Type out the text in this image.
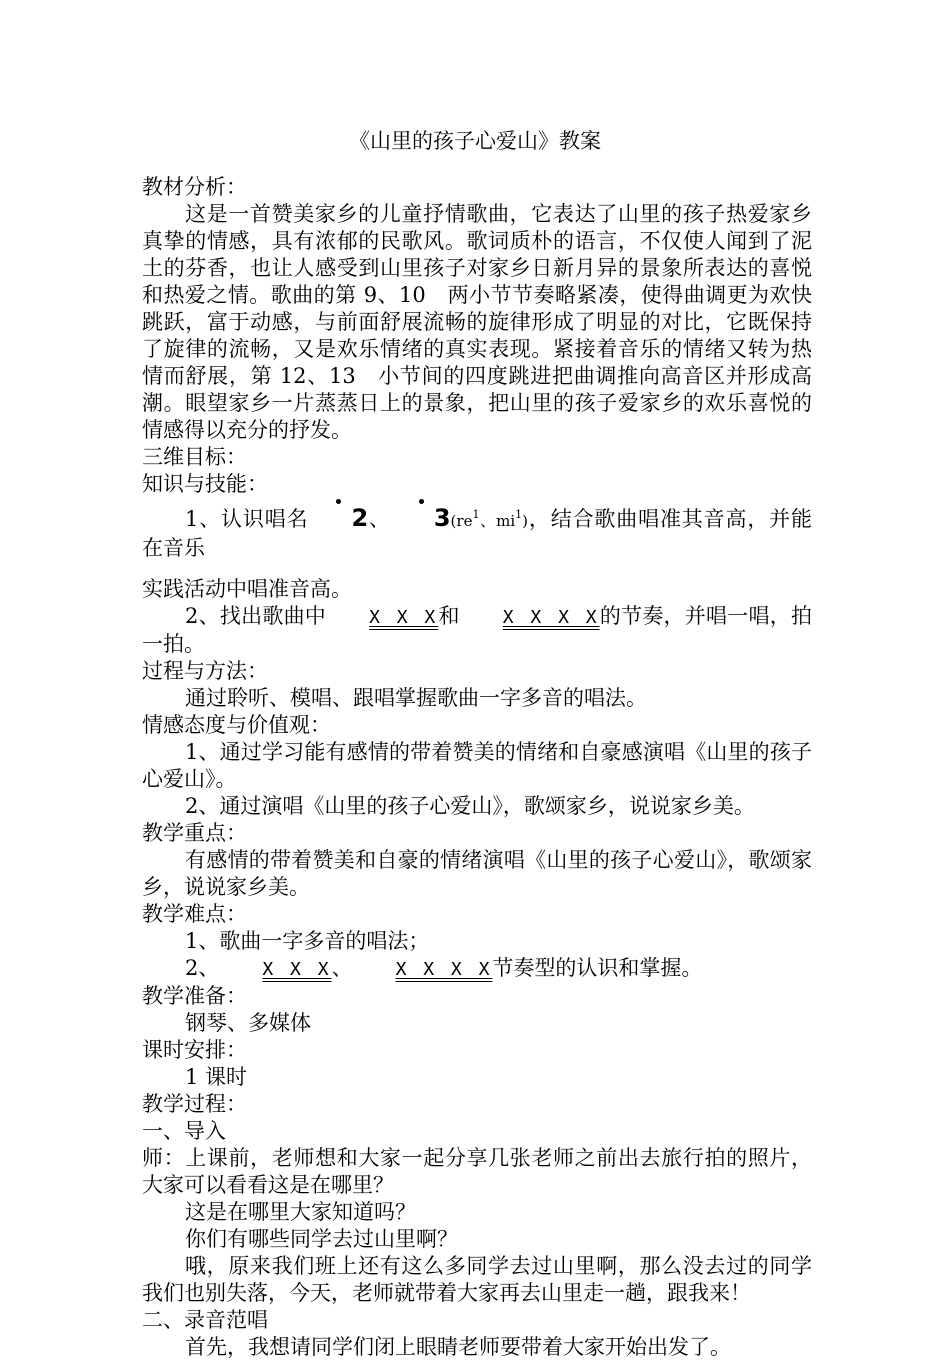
《山里的孩子心爱山》教案

教材分析：

这是一首赞美家乡的儿童抒情歌曲，它表达了山里的孩子热爱家乡真挚的情感，具有浓郁的民歌风。歌词质朴的语言，不仅使人闻到了泥土的芬香，也让人感受到山里孩子对家乡日新月异的景象所表达的喜悦和热爱之情。歌曲的第 9、10　两小节节奏略紧凑，使得曲调更为欢快跳跃，富于动感，与前面舒展流畅的旋律形成了明显的对比，它既保持了旋律的流畅，又是欢乐情绪的真实表现。紧接着音乐的情绪又转为热情而舒展，第 12、13　小节间的四度跳进把曲调推向高音区并形成高潮。眼望家乡一片蒸蒸日上的景象，把山里的孩子爱家乡的欢乐喜悦的情感得以充分的抒发。

三维目标：

知识与技能：

1、认识唱名 2、 $3(re^1$、$mi^1$)，结合歌曲唱准其音高，并能在音乐

实践活动中唱准音高。

2、找出歌曲中 X X X和 X X X X的节奏，并唱一唱，拍一拍。

过程与方法：

通过聆听、模唱、跟唱掌握歌曲一字多音的唱法。

情感态度与价值观：

1、通过学习能有感情的带着赞美的情绪和自豪感演唱《山里的孩子心爱山》。

2、通过演唱《山里的孩子心爱山》，歌颂家乡，说说家乡美。

教学重点：

有感情的带着赞美和自豪的情绪演唱《山里的孩子心爱山》，歌颂家乡，说说家乡美。

教学难点：

1、歌曲一字多音的唱法；

2、 X X X、 X X X X节奏型的认识和掌握。

教学准备：

钢琴、多媒体

课时安排：

1 课时

教学过程：

一、导入

师：上课前，老师想和大家一起分享几张老师之前出去旅行拍的照片，大家可以看看这是在哪里？

这是在哪里大家知道吗？

你们有哪些同学去过山里啊？

哦，原来我们班上还有这么多同学去过山里啊，那么没去过的同学我们也别失落，今天，老师就带着大家再去山里走一趟，跟我来！

二、录音范唱

首先，我想请同学们闭上眼睛老师要带着大家开始出发了。
